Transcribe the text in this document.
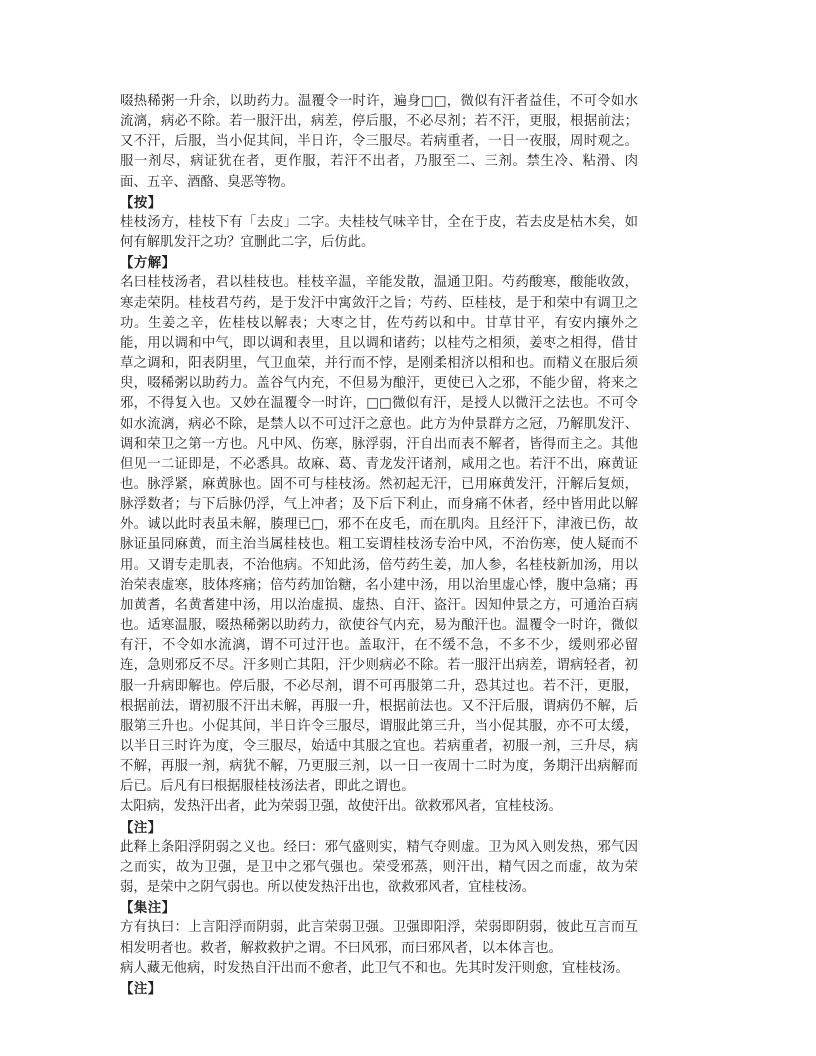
啜热稀粥一升余，以助药力。温覆令一时许，遍身□□，微似有汗者益佳，不可令如水流漓，病必不除。若一服汗出，病差，停后服，不必尽剂；若不汗，更服，根据前法；又不汗，后服，当小促其间，半日许，令三服尽。若病重者，一日一夜服，周时观之。服一剂尽，病证犹在者，更作服，若汗不出者，乃服至二、三剂。禁生冷、粘滑、肉面、五辛、酒酪、臭恶等物。

【按】

桂枝汤方，桂枝下有「去皮」二字。夫桂枝气味辛甘，全在于皮，若去皮是枯木矣，如何有解肌发汗之功？宜删此二字，后仿此。

【方解】

名曰桂枝汤者，君以桂枝也。桂枝辛温，辛能发散，温通卫阳。芍药酸寒，酸能收敛，寒走荣阴。桂枝君芍药，是于发汗中寓敛汗之旨；芍药、臣桂枝，是于和荣中有调卫之功。生姜之辛，佐桂枝以解表；大枣之甘，佐芍药以和中。甘草甘平，有安内攘外之能，用以调和中气，即以调和表里，且以调和诸药；以桂芍之相须，姜枣之相得，借甘草之调和，阳表阴里，气卫血荣，并行而不悖，是刚柔相济以相和也。而精义在服后须臾，啜稀粥以助药力。盖谷气内充，不但易为酿汗，更使已入之邪，不能少留，将来之邪，不得复入也。又妙在温覆令一时许，□□微似有汗，是授人以微汗之法也。不可令如水流漓，病必不除，是禁人以不可过汗之意也。此方为仲景群方之冠，乃解肌发汗、调和荣卫之第一方也。凡中风、伤寒，脉浮弱，汗自出而表不解者，皆得而主之。其他但见一二证即是，不必悉具。故麻、葛、青龙发汗诸剂，咸用之也。若汗不出，麻黄证也。脉浮紧，麻黄脉也。固不可与桂枝汤。然初起无汗，已用麻黄发汗，汗解后复烦，脉浮数者；与下后脉仍浮，气上冲者；及下后下利止，而身痛不休者，经中皆用此以解外。诚以此时表虽未解，腠理已□，邪不在皮毛，而在肌肉。且经汗下，津液已伤，故脉证虽同麻黄，而主治当属桂枝也。粗工妄谓桂枝汤专治中风，不治伤寒，使人疑而不用。又谓专走肌表，不治他病。不知此汤，倍芍药生姜，加人参，名桂枝新加汤，用以治荣表虚寒，肢体疼痛；倍芍药加饴糖，名小建中汤，用以治里虚心悸，腹中急痛；再加黄耆，名黄耆建中汤，用以治虚损、虚热、自汗、盗汗。因知仲景之方，可通治百病也。适寒温服，啜热稀粥以助药力，欲使谷气内充，易为酿汗也。温覆令一时许，微似有汗，不令如水流漓，谓不可过汗也。盖取汗，在不缓不急，不多不少，缓则邪必留连，急则邪反不尽。汗多则亡其阳，汗少则病必不除。若一服汗出病差，谓病轻者，初服一升病即解也。停后服，不必尽剂，谓不可再服第二升，恐其过也。若不汗，更服，根据前法，谓初服不汗出未解，再服一升，根据前法也。又不汗后服，谓病仍不解，后服第三升也。小促其间，半日许令三服尽，谓服此第三升，当小促其服，亦不可太缓，以半日三时许为度，令三服尽，始适中其服之宜也。若病重者，初服一剂，三升尽，病不解，再服一剂，病犹不解，乃更服三剂，以一日一夜周十二时为度，务期汗出病解而后已。后凡有曰根据服桂枝汤法者，即此之谓也。

太阳病，发热汗出者，此为荣弱卫强，故使汗出。欲救邪风者，宜桂枝汤。

【注】

此释上条阳浮阴弱之义也。经曰：邪气盛则实，精气夺则虚。卫为风入则发热，邪气因之而实，故为卫强，是卫中之邪气强也。荣受邪蒸，则汗出，精气因之而虚，故为荣弱，是荣中之阴气弱也。所以使发热汗出也，欲救邪风者，宜桂枝汤。

【集注】

方有执曰：上言阳浮而阴弱，此言荣弱卫强。卫强即阳浮，荣弱即阴弱，彼此互言而互相发明者也。救者，解救救护之谓。不曰风邪，而曰邪风者，以本体言也。

病人藏无他病，时发热自汗出而不愈者，此卫气不和也。先其时发汗则愈，宜桂枝汤。

【注】
